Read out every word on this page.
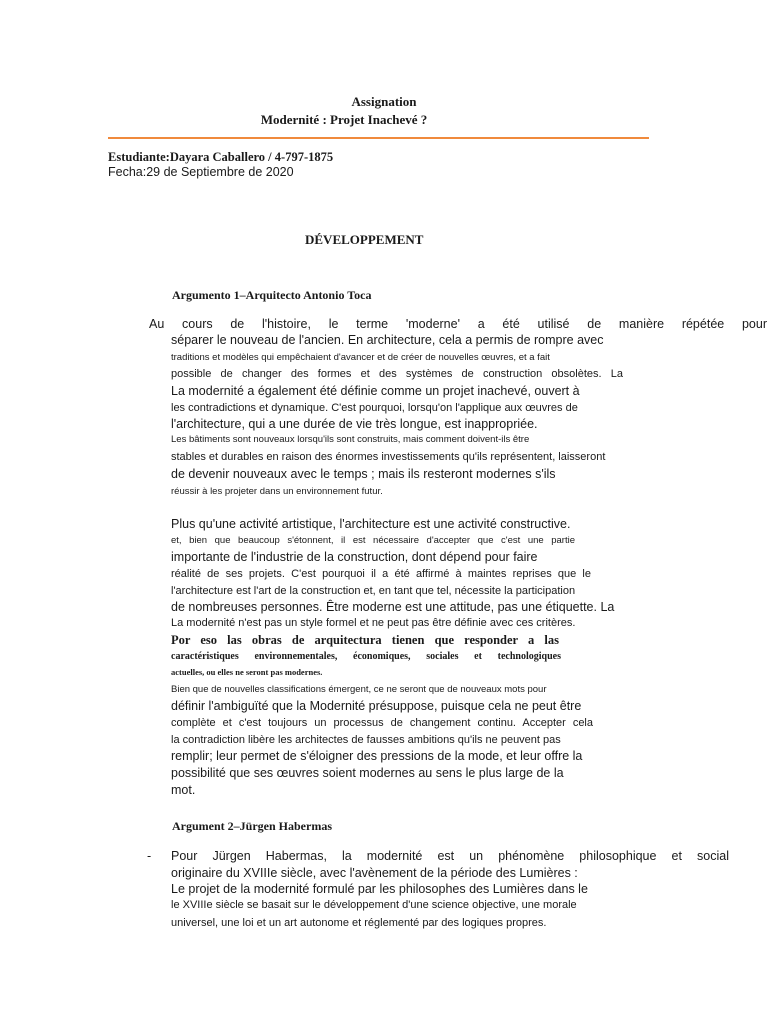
Assignation
Modernité : Projet Inachevé ?
Estudiante:Dayara Caballero / 4-797-1875
Fecha:29 de Septiembre de 2020
DÉVELOPPEMENT
Argumento 1–Arquitecto Antonio Toca
Au cours de l'histoire, le terme 'moderne' a été utilisé de manière répétée pour
séparer le nouveau de l'ancien. En architecture, cela a permis de rompre avec
traditions et modèles qui empêchaient d'avancer et de créer de nouvelles œuvres, et a fait
possible de changer des formes et des systèmes de construction obsolètes. La
La modernité a également été définie comme un projet inachevé, ouvert à
les contradictions et dynamique. C'est pourquoi, lorsqu'on l'applique aux œuvres de
l'architecture, qui a une durée de vie très longue, est inappropriée.
Les bâtiments sont nouveaux lorsqu'ils sont construits, mais comment doivent-ils être
stables et durables en raison des énormes investissements qu'ils représentent, laisseront
de devenir nouveaux avec le temps ; mais ils resteront modernes s'ils
réussir à les projeter dans un environnement futur.
Plus qu'une activité artistique, l'architecture est une activité constructive.
et, bien que beaucoup s'étonnent, il est nécessaire d'accepter que c'est une partie
importante de l'industrie de la construction, dont dépend pour faire
réalité de ses projets. C'est pourquoi il a été affirmé à maintes reprises que le
l'architecture est l'art de la construction et, en tant que tel, nécessite la participation
de nombreuses personnes. Être moderne est une attitude, pas une étiquette. La
La modernité n'est pas un style formel et ne peut pas être définie avec ces critères.
Por eso las obras de arquitectura tienen que responder a las
caractéristiques environnementales, économiques, sociales et technologiques
actuelles, ou elles ne seront pas modernes.
Bien que de nouvelles classifications émergent, ce ne seront que de nouveaux mots pour
définir l'ambiguïté que la Modernité présuppose, puisque cela ne peut être
complète et c'est toujours un processus de changement continu. Accepter cela
la contradiction libère les architectes de fausses ambitions qu'ils ne peuvent pas
remplir; leur permet de s'éloigner des pressions de la mode, et leur offre la
possibilité que ses œuvres soient modernes au sens le plus large de la
mot.
Argument 2–Jürgen Habermas
- Pour Jürgen Habermas, la modernité est un phénomène philosophique et social
originaire du XVIIIe siècle, avec l'avènement de la période des Lumières :
Le projet de la modernité formulé par les philosophes des Lumières dans le
le XVIIIe siècle se basait sur le développement d'une science objective, une morale
universel, une loi et un art autonome et réglementé par des logiques propres.
